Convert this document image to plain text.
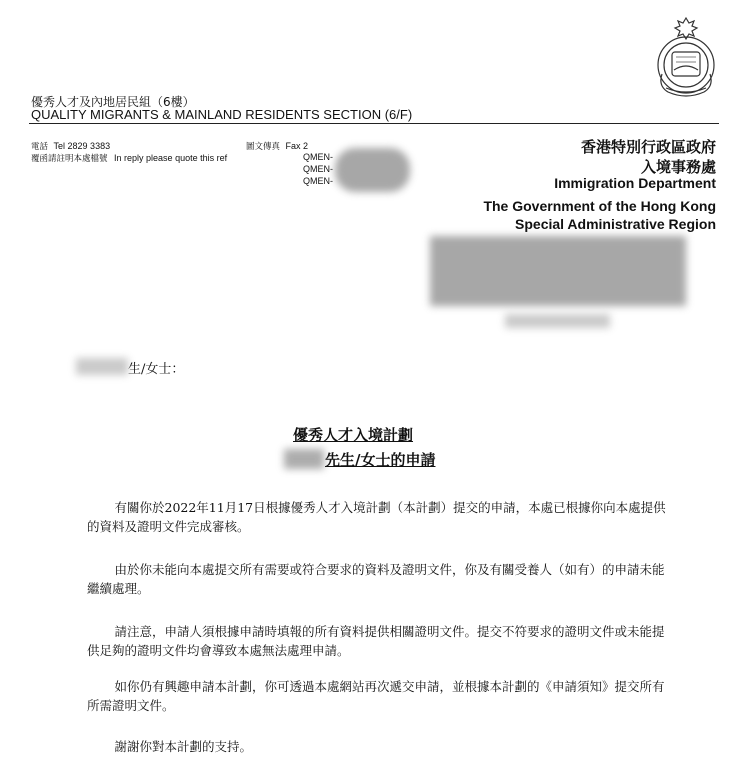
優秀人才及內地居民組（6樓）
QUALITY MIGRANTS & MAINLAND RESIDENTS SECTION (6/F)
電話 Tel 2829 3383	圖文傳真 Fax 2
覆函請註明本處檔號 In reply please quote this ref	QMEN-
QMEN-
QMEN-
香港特別行政區政府
入境事務處
Immigration Department
The Government of the Hong Kong
Special Administrative Region
生/女士：
優秀人才入境計劃
先生/女士的申請
有關你於2022年11月17日根據優秀人才入境計劃（本計劃）提交的申請，本處已根據你向本處提供的資料及證明文件完成審核。
由於你未能向本處提交所有需要或符合要求的資料及證明文件，你及有關受養人（如有）的申請未能繼續處理。
請注意，申請人須根據申請時填報的所有資料提供相關證明文件。提交不符要求的證明文件或未能提供足夠的證明文件均會導致本處無法處理申請。
如你仍有興趣申請本計劃，你可透過本處網站再次遞交申請，並根據本計劃的《申請須知》提交所有所需證明文件。
謝謝你對本計劃的支持。
